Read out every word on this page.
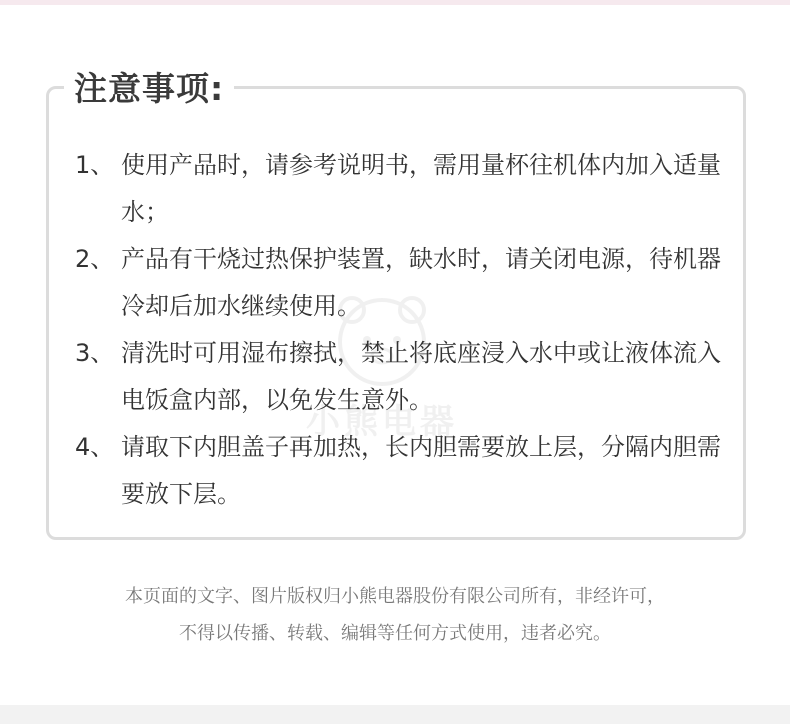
注意事项:
小熊电器
1、 使用产品时，请参考说明书，需用量杯往机体内加入适量水；
2、 产品有干烧过热保护装置，缺水时，请关闭电源，待机器冷却后加水继续使用。
3、 清洗时可用湿布擦拭，禁止将底座浸入水中或让液体流入电饭盒内部，以免发生意外。
4、 请取下内胆盖子再加热，长内胆需要放上层，分隔内胆需要放下层。
本页面的文字、图片版权归小熊电器股份有限公司所有，非经许可，
不得以传播、转载、编辑等任何方式使用，违者必究。
